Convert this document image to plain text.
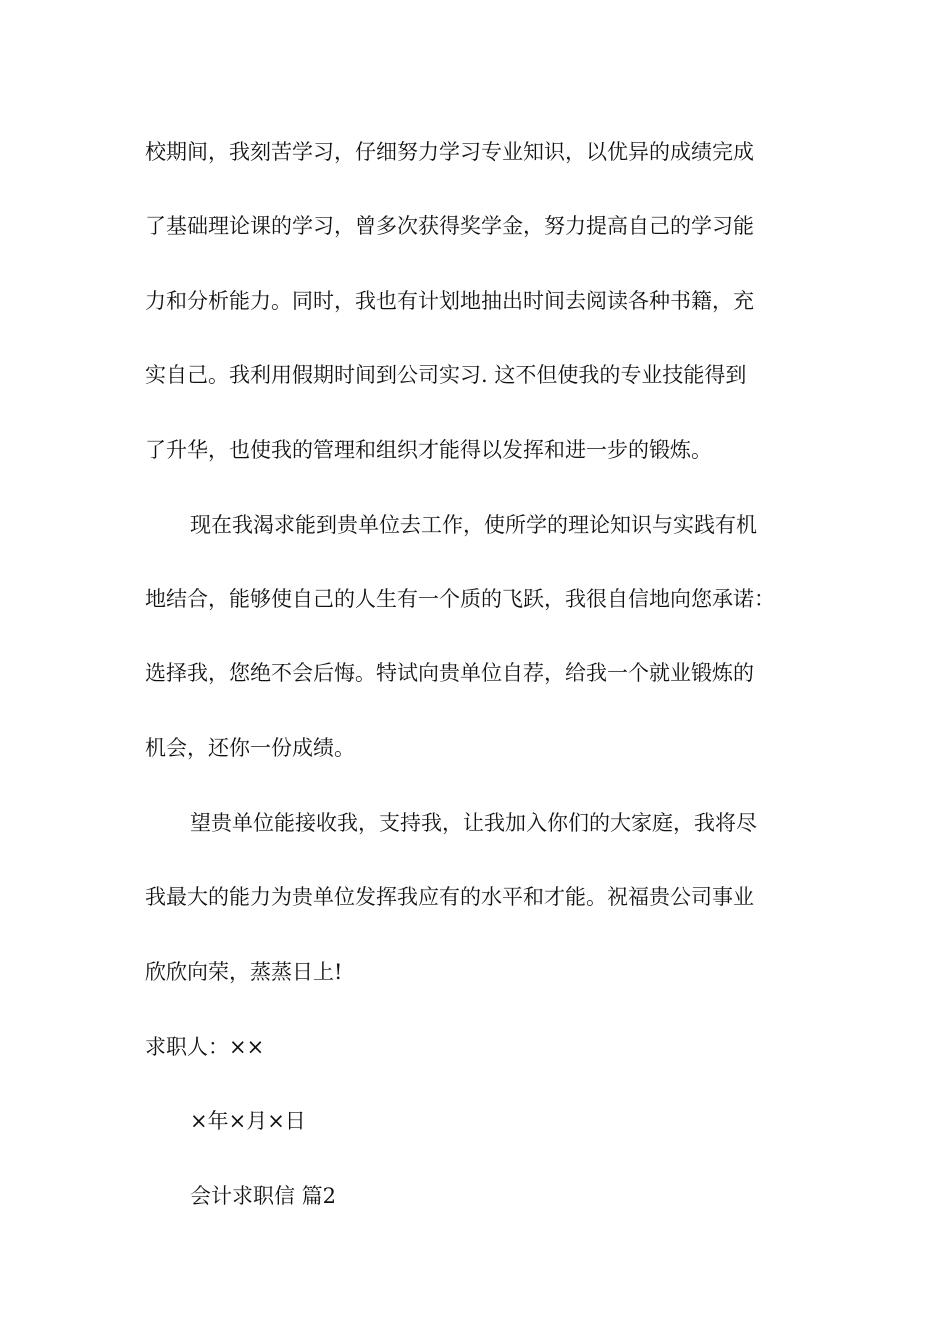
校期间，我刻苦学习，仔细努力学习专业知识，以优异的成绩完成
了基础理论课的学习，曾多次获得奖学金，努力提高自己的学习能
力和分析能力。同时，我也有计划地抽出时间去阅读各种书籍，充
实自己。我利用假期时间到公司实习. 这不但使我的专业技能得到
了升华，也使我的管理和组织才能得以发挥和进一步的锻炼。
现在我渴求能到贵单位去工作，使所学的理论知识与实践有机
地结合，能够使自己的人生有一个质的飞跃，我很自信地向您承诺：
选择我，您绝不会后悔。特试向贵单位自荐，给我一个就业锻炼的
机会，还你一份成绩。
望贵单位能接收我，支持我，让我加入你们的大家庭，我将尽
我最大的能力为贵单位发挥我应有的水平和才能。祝福贵公司事业
欣欣向荣，蒸蒸日上!
求职人：××
×年×月×日
会计求职信 篇2
